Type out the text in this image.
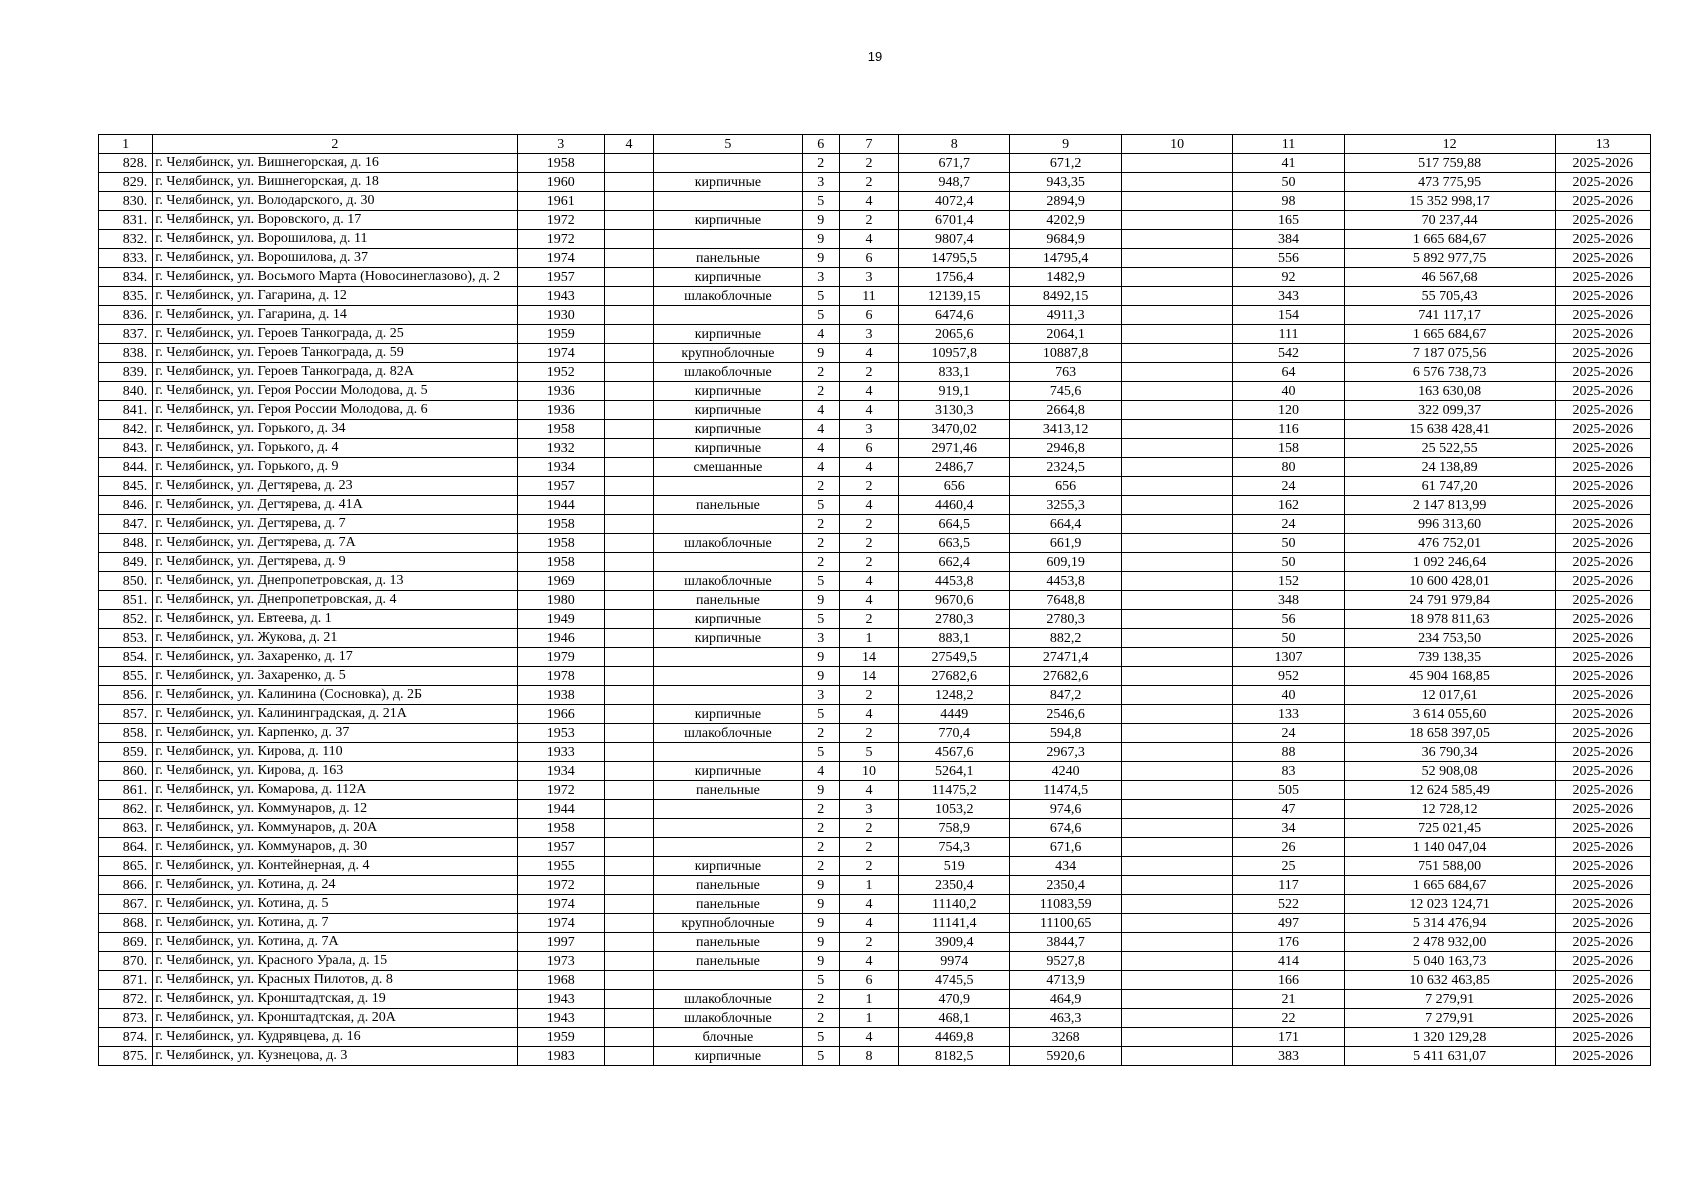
19
1	2	3	4	5	6	7	8	9	10	11	12	13
828.	г. Челябинск, ул. Вишнегорская, д. 16	1958			2	2	671,7	671,2		41	517 759,88	2025-2026
829.	г. Челябинск, ул. Вишнегорская, д. 18	1960		кирпичные	3	2	948,7	943,35		50	473 775,95	2025-2026
830.	г. Челябинск, ул. Володарского, д. 30	1961			5	4	4072,4	2894,9		98	15 352 998,17	2025-2026
831.	г. Челябинск, ул. Воровского, д. 17	1972		кирпичные	9	2	6701,4	4202,9		165	70 237,44	2025-2026
832.	г. Челябинск, ул. Ворошилова, д. 11	1972			9	4	9807,4	9684,9		384	1 665 684,67	2025-2026
833.	г. Челябинск, ул. Ворошилова, д. 37	1974		панельные	9	6	14795,5	14795,4		556	5 892 977,75	2025-2026
834.	г. Челябинск, ул. Восьмого Марта (Новосинеглазово), д. 2	1957		кирпичные	3	3	1756,4	1482,9		92	46 567,68	2025-2026
835.	г. Челябинск, ул. Гагарина, д. 12	1943		шлакоблочные	5	11	12139,15	8492,15		343	55 705,43	2025-2026
836.	г. Челябинск, ул. Гагарина, д. 14	1930			5	6	6474,6	4911,3		154	741 117,17	2025-2026
837.	г. Челябинск, ул. Героев Танкограда, д. 25	1959		кирпичные	4	3	2065,6	2064,1		111	1 665 684,67	2025-2026
838.	г. Челябинск, ул. Героев Танкограда, д. 59	1974		крупноблочные	9	4	10957,8	10887,8		542	7 187 075,56	2025-2026
839.	г. Челябинск, ул. Героев Танкограда, д. 82А	1952		шлакоблочные	2	2	833,1	763		64	6 576 738,73	2025-2026
840.	г. Челябинск, ул. Героя России Молодова, д. 5	1936		кирпичные	2	4	919,1	745,6		40	163 630,08	2025-2026
841.	г. Челябинск, ул. Героя России Молодова, д. 6	1936		кирпичные	4	4	3130,3	2664,8		120	322 099,37	2025-2026
842.	г. Челябинск, ул. Горького, д. 34	1958		кирпичные	4	3	3470,02	3413,12		116	15 638 428,41	2025-2026
843.	г. Челябинск, ул. Горького, д. 4	1932		кирпичные	4	6	2971,46	2946,8		158	25 522,55	2025-2026
844.	г. Челябинск, ул. Горького, д. 9	1934		смешанные	4	4	2486,7	2324,5		80	24 138,89	2025-2026
845.	г. Челябинск, ул. Дегтярева, д. 23	1957			2	2	656	656		24	61 747,20	2025-2026
846.	г. Челябинск, ул. Дегтярева, д. 41А	1944		панельные	5	4	4460,4	3255,3		162	2 147 813,99	2025-2026
847.	г. Челябинск, ул. Дегтярева, д. 7	1958			2	2	664,5	664,4		24	996 313,60	2025-2026
848.	г. Челябинск, ул. Дегтярева, д. 7А	1958		шлакоблочные	2	2	663,5	661,9		50	476 752,01	2025-2026
849.	г. Челябинск, ул. Дегтярева, д. 9	1958			2	2	662,4	609,19		50	1 092 246,64	2025-2026
850.	г. Челябинск, ул. Днепропетровская, д. 13	1969		шлакоблочные	5	4	4453,8	4453,8		152	10 600 428,01	2025-2026
851.	г. Челябинск, ул. Днепропетровская, д. 4	1980		панельные	9	4	9670,6	7648,8		348	24 791 979,84	2025-2026
852.	г. Челябинск, ул. Евтеева, д. 1	1949		кирпичные	5	2	2780,3	2780,3		56	18 978 811,63	2025-2026
853.	г. Челябинск, ул. Жукова, д. 21	1946		кирпичные	3	1	883,1	882,2		50	234 753,50	2025-2026
854.	г. Челябинск, ул. Захаренко, д. 17	1979			9	14	27549,5	27471,4		1307	739 138,35	2025-2026
855.	г. Челябинск, ул. Захаренко, д. 5	1978			9	14	27682,6	27682,6		952	45 904 168,85	2025-2026
856.	г. Челябинск, ул. Калинина (Сосновка), д. 2Б	1938			3	2	1248,2	847,2		40	12 017,61	2025-2026
857.	г. Челябинск, ул. Калининградская, д. 21А	1966		кирпичные	5	4	4449	2546,6		133	3 614 055,60	2025-2026
858.	г. Челябинск, ул. Карпенко, д. 37	1953		шлакоблочные	2	2	770,4	594,8		24	18 658 397,05	2025-2026
859.	г. Челябинск, ул. Кирова, д. 110	1933			5	5	4567,6	2967,3		88	36 790,34	2025-2026
860.	г. Челябинск, ул. Кирова, д. 163	1934		кирпичные	4	10	5264,1	4240		83	52 908,08	2025-2026
861.	г. Челябинск, ул. Комарова, д. 112А	1972		панельные	9	4	11475,2	11474,5		505	12 624 585,49	2025-2026
862.	г. Челябинск, ул. Коммунаров, д. 12	1944			2	3	1053,2	974,6		47	12 728,12	2025-2026
863.	г. Челябинск, ул. Коммунаров, д. 20А	1958			2	2	758,9	674,6		34	725 021,45	2025-2026
864.	г. Челябинск, ул. Коммунаров, д. 30	1957			2	2	754,3	671,6		26	1 140 047,04	2025-2026
865.	г. Челябинск, ул. Контейнерная, д. 4	1955		кирпичные	2	2	519	434		25	751 588,00	2025-2026
866.	г. Челябинск, ул. Котина, д. 24	1972		панельные	9	1	2350,4	2350,4		117	1 665 684,67	2025-2026
867.	г. Челябинск, ул. Котина, д. 5	1974		панельные	9	4	11140,2	11083,59		522	12 023 124,71	2025-2026
868.	г. Челябинск, ул. Котина, д. 7	1974		крупноблочные	9	4	11141,4	11100,65		497	5 314 476,94	2025-2026
869.	г. Челябинск, ул. Котина, д. 7А	1997		панельные	9	2	3909,4	3844,7		176	2 478 932,00	2025-2026
870.	г. Челябинск, ул. Красного Урала, д. 15	1973		панельные	9	4	9974	9527,8		414	5 040 163,73	2025-2026
871.	г. Челябинск, ул. Красных Пилотов, д. 8	1968			5	6	4745,5	4713,9		166	10 632 463,85	2025-2026
872.	г. Челябинск, ул. Кронштадтская, д. 19	1943		шлакоблочные	2	1	470,9	464,9		21	7 279,91	2025-2026
873.	г. Челябинск, ул. Кронштадтская, д. 20А	1943		шлакоблочные	2	1	468,1	463,3		22	7 279,91	2025-2026
874.	г. Челябинск, ул. Кудрявцева, д. 16	1959		блочные	5	4	4469,8	3268		171	1 320 129,28	2025-2026
875.	г. Челябинск, ул. Кузнецова, д. 3	1983		кирпичные	5	8	8182,5	5920,6		383	5 411 631,07	2025-2026
